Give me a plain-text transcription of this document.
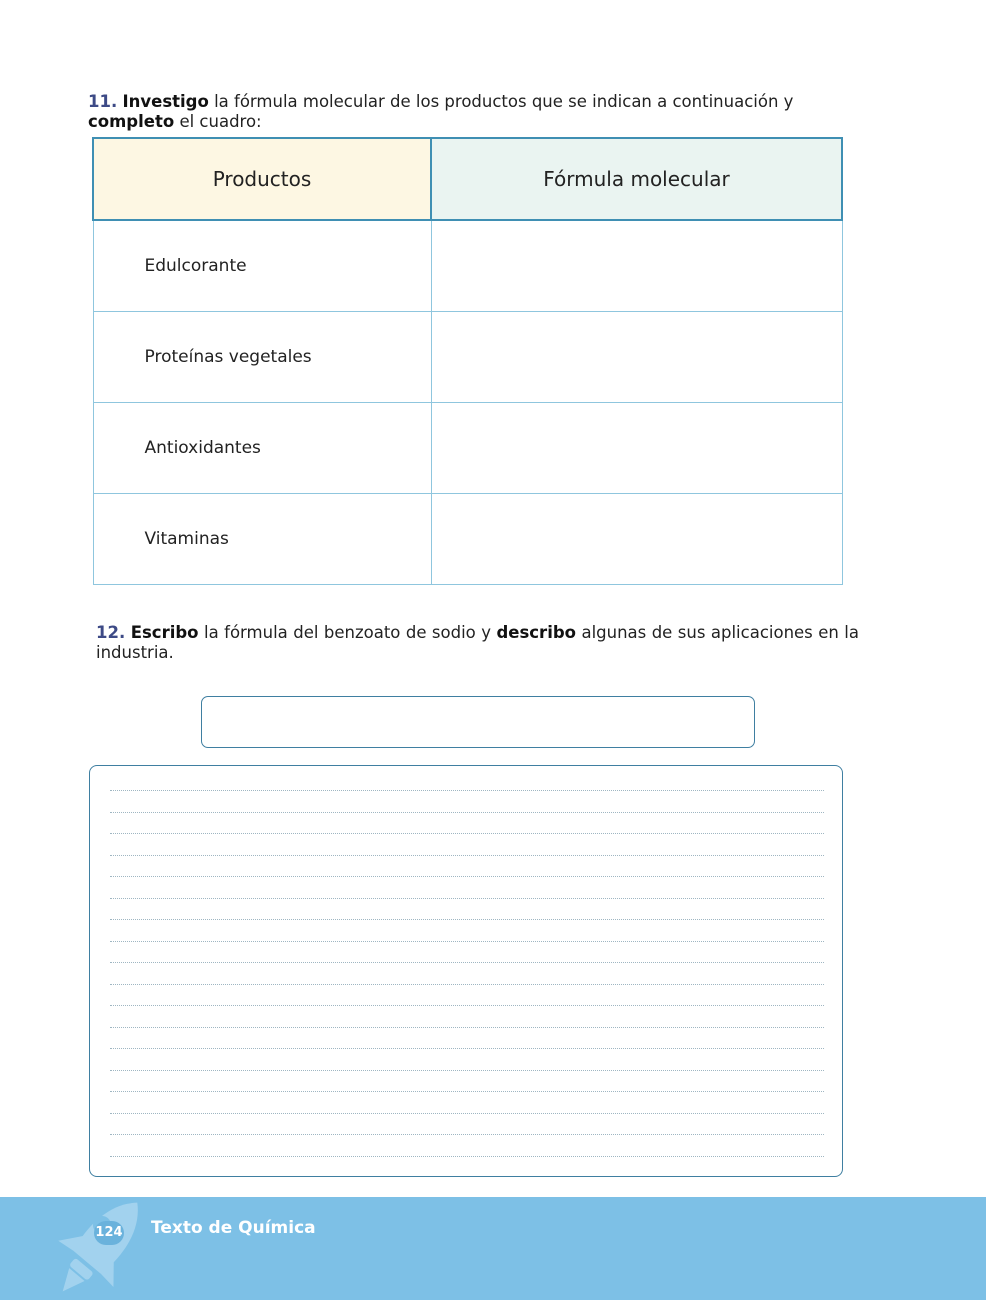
11. Investigo la fórmula molecular de los productos que se indican a continuación y completo el cuadro:
Productos	Fórmula molecular
Edulcorante	
Proteínas vegetales	
Antioxidantes	
Vitaminas	
12. Escribo la fórmula del benzoato de sodio y describo algunas de sus aplicaciones en la industria.
124 Texto de Química
